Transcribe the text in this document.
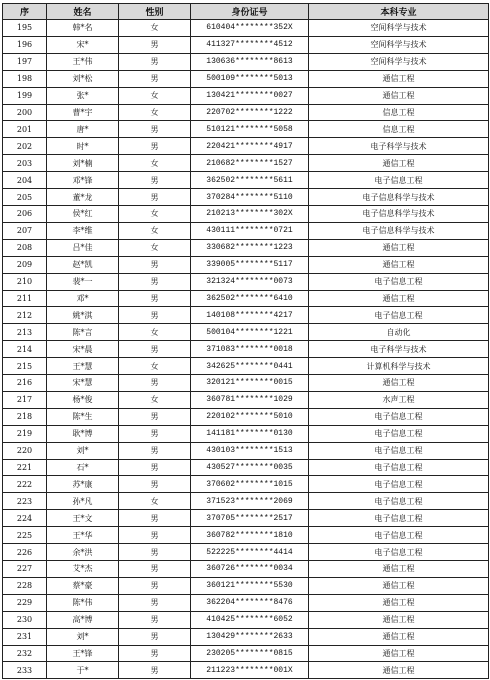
序	姓名	性别	身份证号	本科专业
195	韩*名	女	610404********352X	空间科学与技术
196	宋*	男	411327********4512	空间科学与技术
197	王*伟	男	130636********8613	空间科学与技术
198	刘*松	男	500109********5013	通信工程
199	张*	女	130421********0027	通信工程
200	曹*宇	女	220702********1222	信息工程
201	唐*	男	510121********5058	信息工程
202	时*	男	220421********4917	电子科学与技术
203	刘*楠	女	210682********1527	通信工程
204	邓*锋	男	362502********5611	电子信息工程
205	董*龙	男	370284********5110	电子信息科学与技术
206	侯*红	女	210213********302X	电子信息科学与技术
207	李*维	女	430111********0721	电子信息科学与技术
208	吕*佳	女	330682********1223	通信工程
209	赵*凯	男	339005********5117	通信工程
210	裴*一	男	321324********0073	电子信息工程
211	邓*	男	362502********6410	通信工程
212	姚*淇	男	140108********4217	电子信息工程
213	陈*言	女	500104********1221	自动化
214	宋*晨	男	371083********0018	电子科学与技术
215	王*慧	女	342625********0441	计算机科学与技术
216	宋*慧	男	320121********0015	通信工程
217	杨*俊	女	360781********1029	水声工程
218	陈*生	男	220102********5010	电子信息工程
219	耿*博	男	141181********0130	电子信息工程
220	刘*	男	430103********1513	电子信息工程
221	石*	男	430527********0035	电子信息工程
222	苏*康	男	370602********1015	电子信息工程
223	孙*凡	女	371523********2069	电子信息工程
224	王*文	男	370705********2517	电子信息工程
225	王*华	男	360782********1810	电子信息工程
226	余*洪	男	522225********4414	电子信息工程
227	艾*杰	男	360726********0034	通信工程
228	蔡*豪	男	360121********5530	通信工程
229	陈*伟	男	362204********8476	通信工程
230	高*博	男	410425********6052	通信工程
231	刘*	男	130429********2633	通信工程
232	王*锋	男	230205********0815	通信工程
233	于*	男	211223********001X	通信工程
